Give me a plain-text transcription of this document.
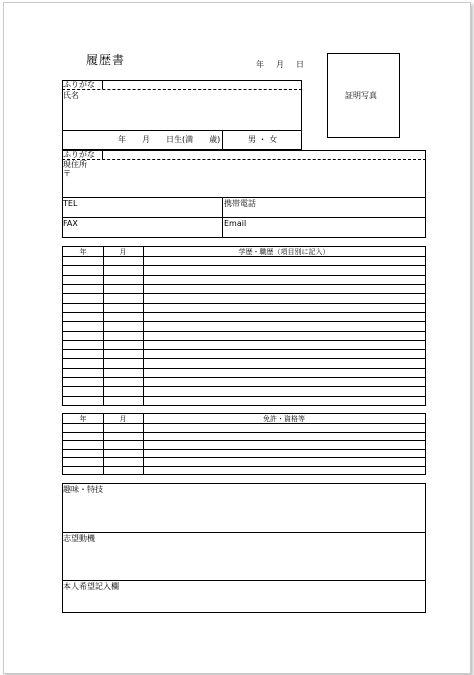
履歴書	年　月　日
証明写真
ふりがな
氏名
年　　月　　日生(満　　歳)	男 ・ 女
ふりがな
現住所
〒
TEL	携帯電話
FAX	Email
年	月	学歴・職歴（項目別に記入）
年	月	免許・資格等
趣味・特技
志望動機
本人希望記入欄
